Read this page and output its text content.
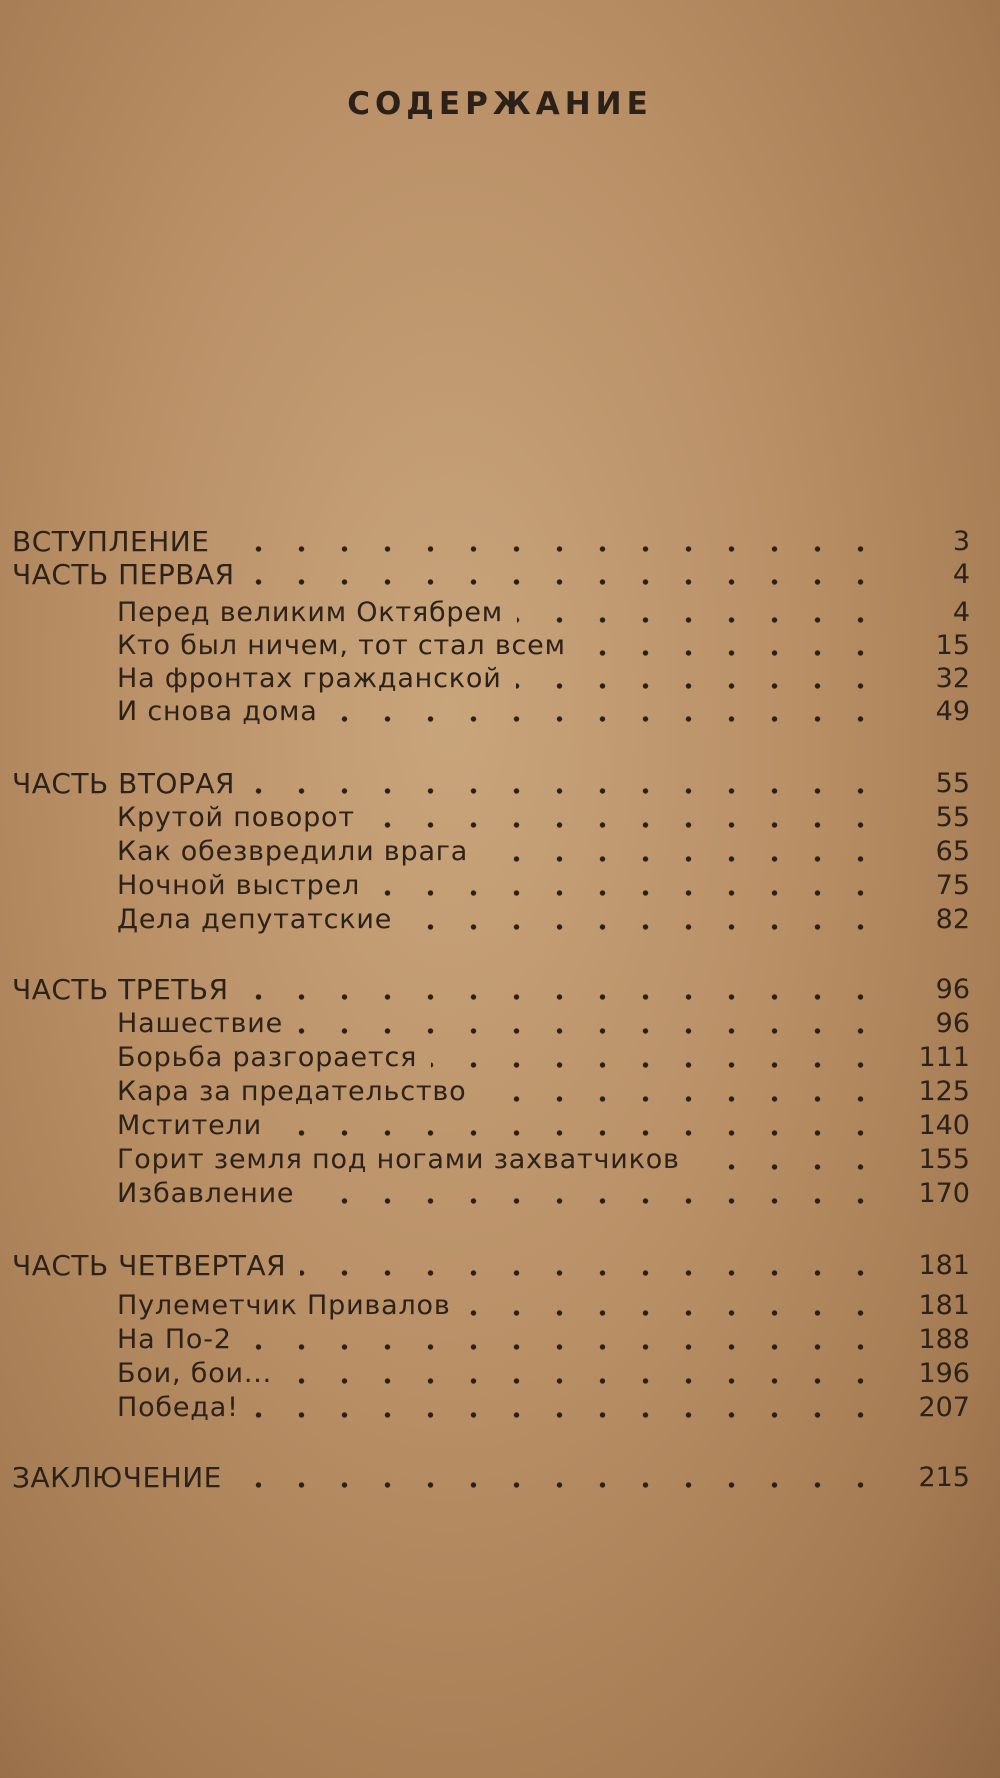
СОДЕРЖАНИЕ
ВСТУПЛЕНИЕ	3
ЧАСТЬ ПЕРВАЯ	4
Перед великим Октябрем	4
Кто был ничем, тот стал всем	15
На фронтах гражданской	32
И снова дома	49
ЧАСТЬ ВТОРАЯ	55
Крутой поворот	55
Как обезвредили врага	65
Ночной выстрел	75
Дела депутатские	82
ЧАСТЬ ТРЕТЬЯ	96
Нашествие	96
Борьба разгорается	111
Кара за предательство	125
Мстители	140
Горит земля под ногами захватчиков	155
Избавление	170
ЧАСТЬ ЧЕТВЕРТАЯ	181
Пулеметчик Привалов	181
На По-2	188
Бои, бои...	196
Победа!	207
ЗАКЛЮЧЕНИЕ	215
